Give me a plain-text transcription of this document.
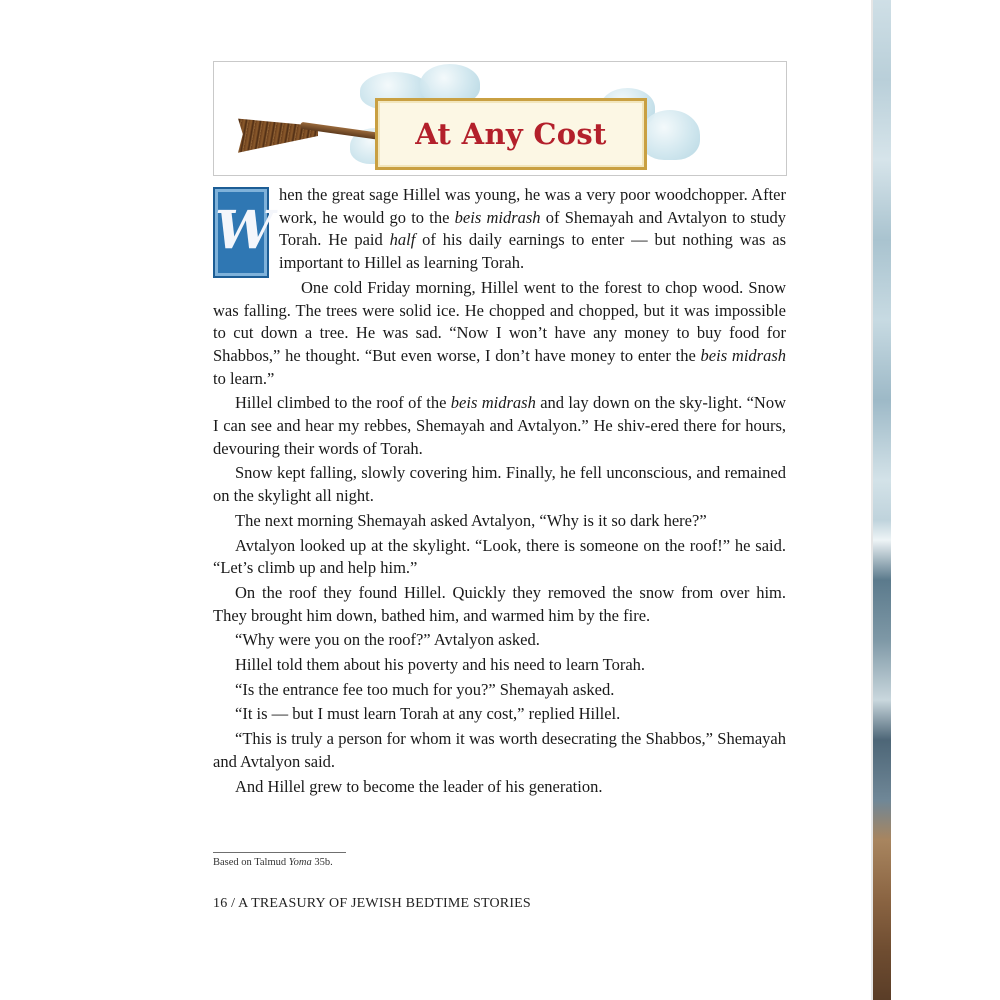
At Any Cost
W

hen the great sage Hillel was young, he was a very poor woodchopper. After work, he would go to the beis midrash of Shemayah and Avtalyon to study Torah. He paid half of his daily earnings to enter — but nothing was as important to Hillel as learning Torah.

One cold Friday morning, Hillel went to the forest to chop wood. Snow was falling. The trees were solid ice. He chopped and chopped, but it was impossible to cut down a tree. He was sad. “Now I won’t have any money to buy food for Shabbos,” he thought. “But even worse, I don’t have money to enter the beis midrash to learn.”

Hillel climbed to the roof of the beis midrash and lay down on the sky-light. “Now I can see and hear my rebbes, Shemayah and Avtalyon.” He shiv-ered there for hours, devouring their words of Torah.

Snow kept falling, slowly covering him. Finally, he fell unconscious, and remained on the skylight all night.

The next morning Shemayah asked Avtalyon, “Why is it so dark here?”

Avtalyon looked up at the skylight. “Look, there is someone on the roof!” he said. “Let’s climb up and help him.”

On the roof they found Hillel. Quickly they removed the snow from over him. They brought him down, bathed him, and warmed him by the fire.

“Why were you on the roof?” Avtalyon asked.

Hillel told them about his poverty and his need to learn Torah.

“Is the entrance fee too much for you?” Shemayah asked.

“It is — but I must learn Torah at any cost,” replied Hillel.

“This is truly a person for whom it was worth desecrating the Shabbos,” Shemayah and Avtalyon said.

And Hillel grew to become the leader of his generation.

Based on Talmud Yoma 35b.
16 / A TREASURY OF JEWISH BEDTIME STORIES
